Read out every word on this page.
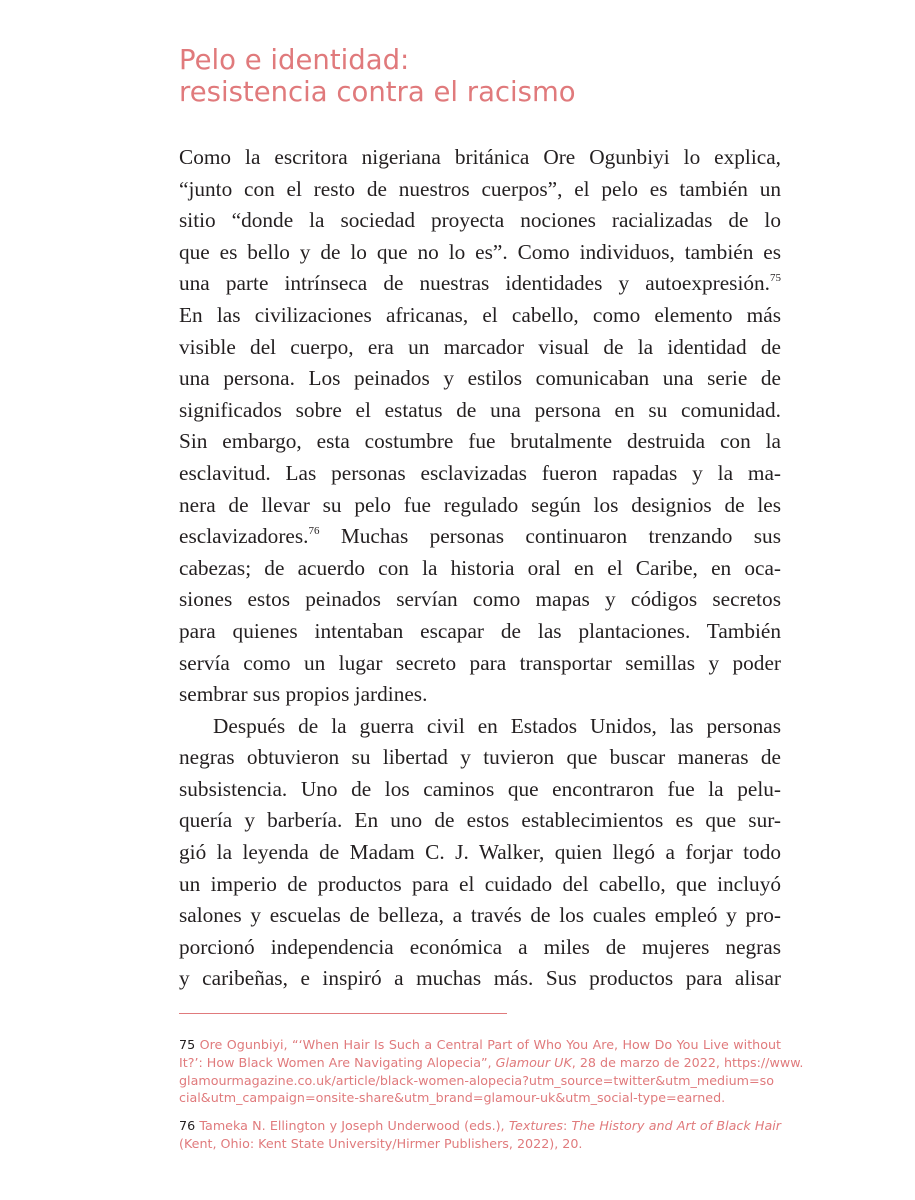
Pelo e identidad:
resistencia contra el racismo
Como la escritora nigeriana británica Ore Ogunbiyi lo explica,
“junto con el resto de nuestros cuerpos”, el pelo es también un
sitio “donde la sociedad proyecta nociones racializadas de lo
que es bello y de lo que no lo es”. Como individuos, también es
una parte intrínseca de nuestras identidades y autoexpresión.$^{75}$
En las civilizaciones africanas, el cabello, como elemento más
visible del cuerpo, era un marcador visual de la identidad de
una persona. Los peinados y estilos comunicaban una serie de
significados sobre el estatus de una persona en su comunidad.
Sin embargo, esta costumbre fue brutalmente destruida con la
esclavitud. Las personas esclavizadas fueron rapadas y la ma-
nera de llevar su pelo fue regulado según los designios de les
esclavizadores.$^{76}$ Muchas personas continuaron trenzando sus
cabezas; de acuerdo con la historia oral en el Caribe, en oca-
siones estos peinados servían como mapas y códigos secretos
para quienes intentaban escapar de las plantaciones. También
servía como un lugar secreto para transportar semillas y poder
sembrar sus propios jardines.
Después de la guerra civil en Estados Unidos, las personas
negras obtuvieron su libertad y tuvieron que buscar maneras de
subsistencia. Uno de los caminos que encontraron fue la pelu-
quería y barbería. En uno de estos establecimientos es que sur-
gió la leyenda de Madam C. J. Walker, quien llegó a forjar todo
un imperio de productos para el cuidado del cabello, que incluyó
salones y escuelas de belleza, a través de los cuales empleó y pro-
porcionó independencia económica a miles de mujeres negras
y caribeñas, e inspiró a muchas más. Sus productos para alisar
75 Ore Ogunbiyi, “‘When Hair Is Such a Central Part of Who You Are, How Do You Live without
It?’: How Black Women Are Navigating Alopecia”, Glamour UK, 28 de marzo de 2022, https://www.
glamourmagazine.co.uk/article/black-women-alopecia?utm_source=twitter&utm_medium=so
cial&utm_campaign=onsite-share&utm_brand=glamour-uk&utm_social-type=earned.
76 Tameka N. Ellington y Joseph Underwood (eds.), Textures: The History and Art of Black Hair
(Kent, Ohio: Kent State University/Hirmer Publishers, 2022), 20.
